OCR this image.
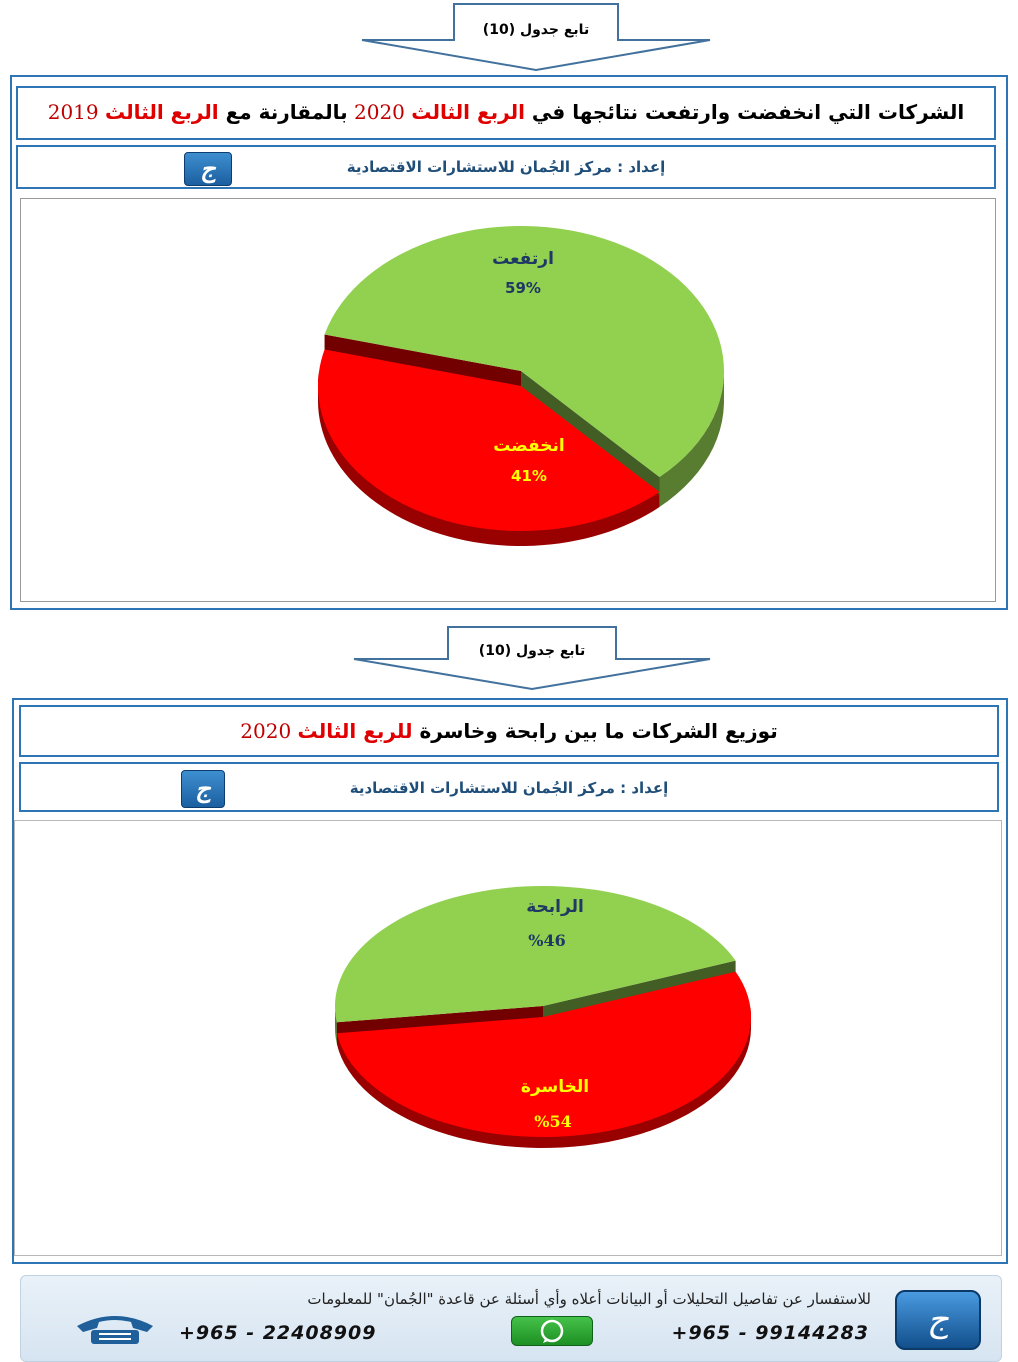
تابع جدول (10)
الشركات التي انخفضت وارتفعت نتائجها في الربع الثالث 2020 بالمقارنة مع الربع الثالث 2019
إعداد : مركز الجُمان للاستشارات الاقتصادية
ج
ارتفعت
59%
انخفضت
41%
تابع جدول (10)
توزيع الشركات ما بين رابحة وخاسرة للربع الثالث 2020
إعداد : مركز الجُمان للاستشارات الاقتصادية
ج
الرابحة
%46
الخاسرة
%54
للاستفسار عن تفاصيل التحليلات أو البيانات أعلاه وأي أسئلة عن قاعدة "الجُمان" للمعلومات
ج
+965 - 99144283
+965 - 22408909
